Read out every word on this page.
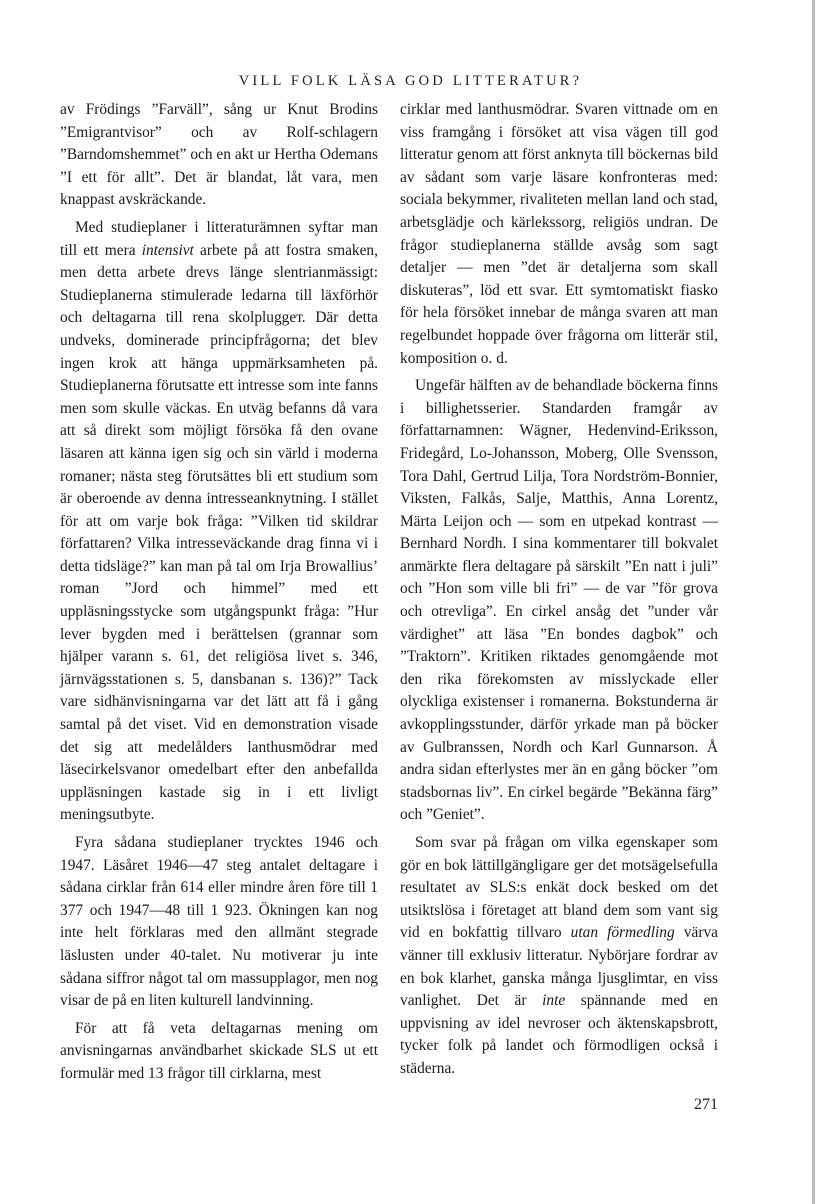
VILL FOLK LÄSA GOD LITTERATUR?

av Frödings ”Farväll”, sång ur Knut Brodins ”Emigrantvisor” och av Rolf-schlagern ”Barndomshemmet” och en akt ur Hertha Odemans ”I ett för allt”. Det är blandat, låt vara, men knappast avskräckande.

Med studieplaner i litteraturämnen syftar man till ett mera intensivt arbete på att fostra smaken, men detta arbete drevs länge slentrianmässigt: Studieplanerna stimulerade ledarna till läxförhör och deltagarna till rena skolpluggет. Där detta undveks, dominerade principfrågorna; det blev ingen krok att hänga uppmärksamheten på. Studieplanerna förutsatte ett intresse som inte fanns men som skulle väckas. En utväg befanns då vara att så direkt som möjligt försöka få den ovane läsaren att känna igen sig och sin värld i moderna romaner; nästa steg förutsättes bli ett studium som är oberoende av denna intresseanknytning. I stället för att om varje bok fråga: ”Vilken tid skildrar författaren? Vilka intresseväckande drag finna vi i detta tidsläge?” kan man på tal om Irja Browallius’ roman ”Jord och himmel” med ett uppläsningsstycke som utgångspunkt fråga: ”Hur lever bygden med i berättelsen (grannar som hjälper varann s. 61, det religiösa livet s. 346, järnvägsstationen s. 5, dansbanan s. 136)?” Tack vare sidhänvisningarna var det lätt att få i gång samtal på det viset. Vid en demonstration visade det sig att medelålders lanthusmödrar med läsecirkelsvanor omedelbart efter den anbefallda uppläsningen kastade sig in i ett livligt meningsutbyte.

Fyra sådana studieplaner trycktes 1946 och 1947. Läsåret 1946—47 steg antalet deltagare i sådana cirklar från 614 eller mindre åren före till 1 377 och 1947—48 till 1 923. Ökningen kan nog inte helt förklaras med den allmänt stegrade läslusten under 40-talet. Nu motiverar ju inte sådana siffror något tal om massupplagor, men nog visar de på en liten kulturell landvinning.

För att få veta deltagarnas mening om anvisningarnas användbarhet skickade SLS ut ett formulär med 13 frågor till cirklarna, mest

cirklar med lanthusmödrar. Svaren vittnade om en viss framgång i försöket att visa vägen till god litteratur genom att först anknyta till böckernas bild av sådant som varje läsare konfronteras med: sociala bekymmer, rivaliteten mellan land och stad, arbetsglädje och kärlekssorg, religiös undran. De frågor studieplanerna ställde avsåg som sagt detaljer — men ”det är detaljerna som skall diskuteras”, löd ett svar. Ett symtomatiskt fiasko för hela försöket innebar de många svaren att man regelbundet hoppade över frågorna om litterär stil, komposition o. d.

Ungefär hälften av de behandlade böckerna finns i billighetsserier. Standarden framgår av författarnamnen: Wägner, Hedenvind-Eriksson, Fridegård, Lo-Johansson, Moberg, Olle Svensson, Tora Dahl, Gertrud Lilja, Tora Nordström-Bonnier, Viksten, Falkås, Salje, Matthis, Anna Lorentz, Märta Leijon och — som en utpekad kontrast — Bernhard Nordh. I sina kommentarer till bokvalet anmärkte flera deltagare på särskilt ”En natt i juli” och ”Hon som ville bli fri” — de var ”för grova och otrevliga”. En cirkel ansåg det ”under vår värdighet” att läsa ”En bondes dagbok” och ”Traktorn”. Kritiken riktades genomgående mot den rika förekomsten av misslyckade eller olyckliga existenser i romanerna. Bokstunderna är avkopplingsstunder, därför yrkade man på böcker av Gulbranssen, Nordh och Karl Gunnarson. Å andra sidan efterlystes mer än en gång böcker ”om stadsbornas liv”. En cirkel begärde ”Bekänna färg” och ”Geniet”.

Som svar på frågan om vilka egenskaper som gör en bok lättillgängligare ger det motsägelsefulla resultatet av SLS:s enkät dock besked om det utsiktslösa i företaget att bland dem som vant sig vid en bokfattig tillvaro utan förmedling värva vänner till exklusiv litteratur. Nybörjare fordrar av en bok klarhet, ganska många ljusglimtar, en viss vanlighet. Det är inte spännande med en uppvisning av idel nevroser och äktenskapsbrott, tycker folk på landet och förmodligen också i städerna.

271
